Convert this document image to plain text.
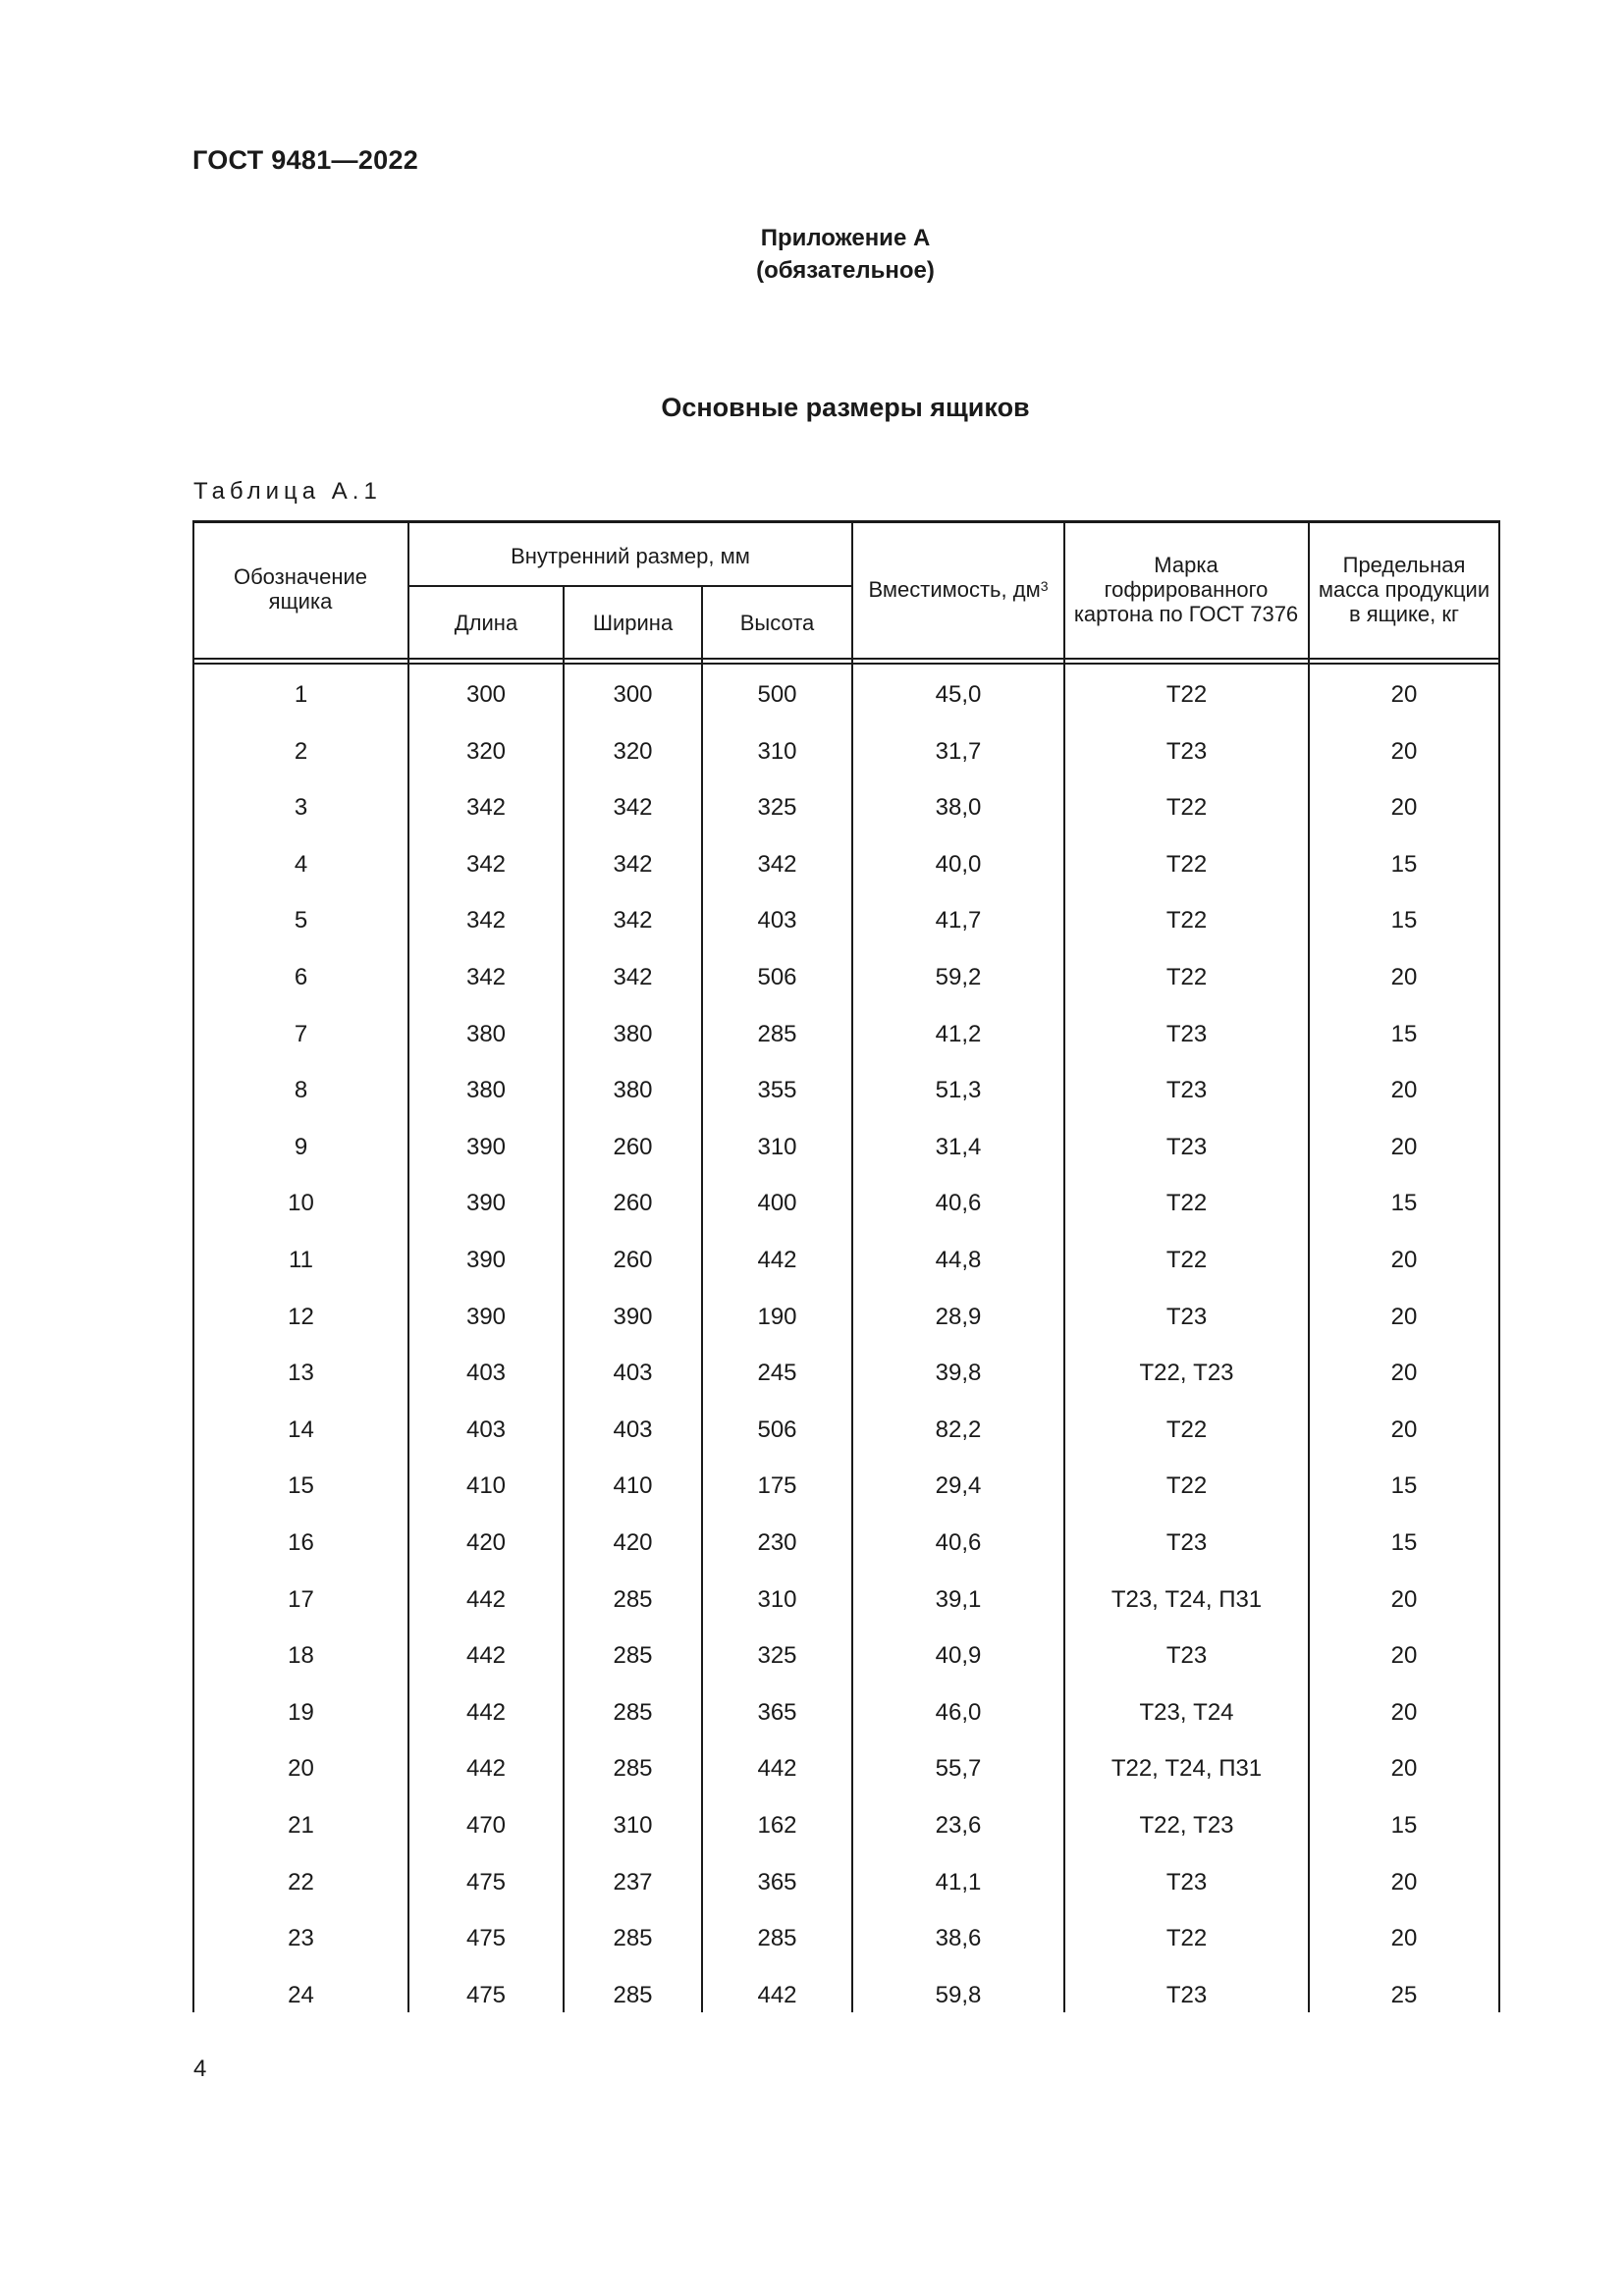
ГОСТ 9481—2022
Приложение А
(обязательное)
Основные размеры ящиков
Таблица А.1
Обозначение ящика
Внутренний размер, мм
Длина	Ширина	Высота
Вместимость, $дм^3$
Марка гофрированного картона по ГОСТ 7376
Предельная масса продукции в ящике, кг
1	300	300	500	45,0	Т22	20
2	320	320	310	31,7	Т23	20
3	342	342	325	38,0	Т22	20
4	342	342	342	40,0	Т22	15
5	342	342	403	41,7	Т22	15
6	342	342	506	59,2	Т22	20
7	380	380	285	41,2	Т23	15
8	380	380	355	51,3	Т23	20
9	390	260	310	31,4	Т23	20
10	390	260	400	40,6	Т22	15
11	390	260	442	44,8	Т22	20
12	390	390	190	28,9	Т23	20
13	403	403	245	39,8	Т22, Т23	20
14	403	403	506	82,2	Т22	20
15	410	410	175	29,4	Т22	15
16	420	420	230	40,6	Т23	15
17	442	285	310	39,1	Т23, Т24, П31	20
18	442	285	325	40,9	Т23	20
19	442	285	365	46,0	Т23, Т24	20
20	442	285	442	55,7	Т22, Т24, П31	20
21	470	310	162	23,6	Т22, Т23	15
22	475	237	365	41,1	Т23	20
23	475	285	285	38,6	Т22	20
24	475	285	442	59,8	Т23	25
4
